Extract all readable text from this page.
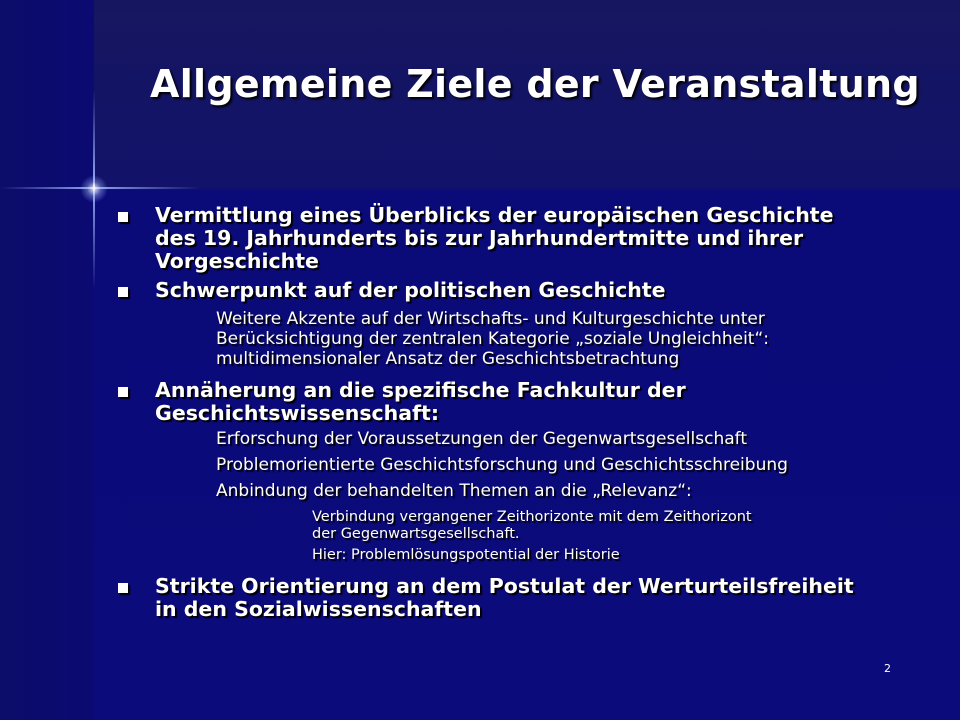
Allgemeine Ziele der Veranstaltung
Vermittlung eines Überblicks der europäischen Geschichte
des 19. Jahrhunderts bis zur Jahrhundertmitte und ihrer
Vorgeschichte
Schwerpunkt auf der politischen Geschichte
Weitere Akzente auf der Wirtschafts- und Kulturgeschichte unter
Berücksichtigung der zentralen Kategorie „soziale Ungleichheit“:
multidimensionaler Ansatz der Geschichtsbetrachtung
Annäherung an die spezifische Fachkultur der
Geschichtswissenschaft:
Erforschung der Voraussetzungen der Gegenwartsgesellschaft
Problemorientierte Geschichtsforschung und Geschichtsschreibung
Anbindung der behandelten Themen an die „Relevanz“:
Verbindung vergangener Zeithorizonte mit dem Zeithorizont
der Gegenwartsgesellschaft.
Hier: Problemlösungspotential der Historie
Strikte Orientierung an dem Postulat der Werturteilsfreiheit
in den Sozialwissenschaften
2
